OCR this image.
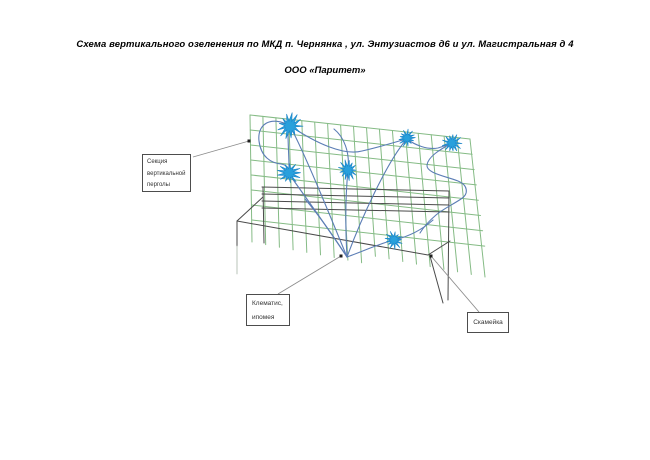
Схема вертикального озеленения по МКД п. Чернянка , ул. Энтузиастов д6 и ул. Магистральная д 4
ООО «Паритет»
Секция
вертикальной
перголы
Клематис,
ипомея
Скамейка
